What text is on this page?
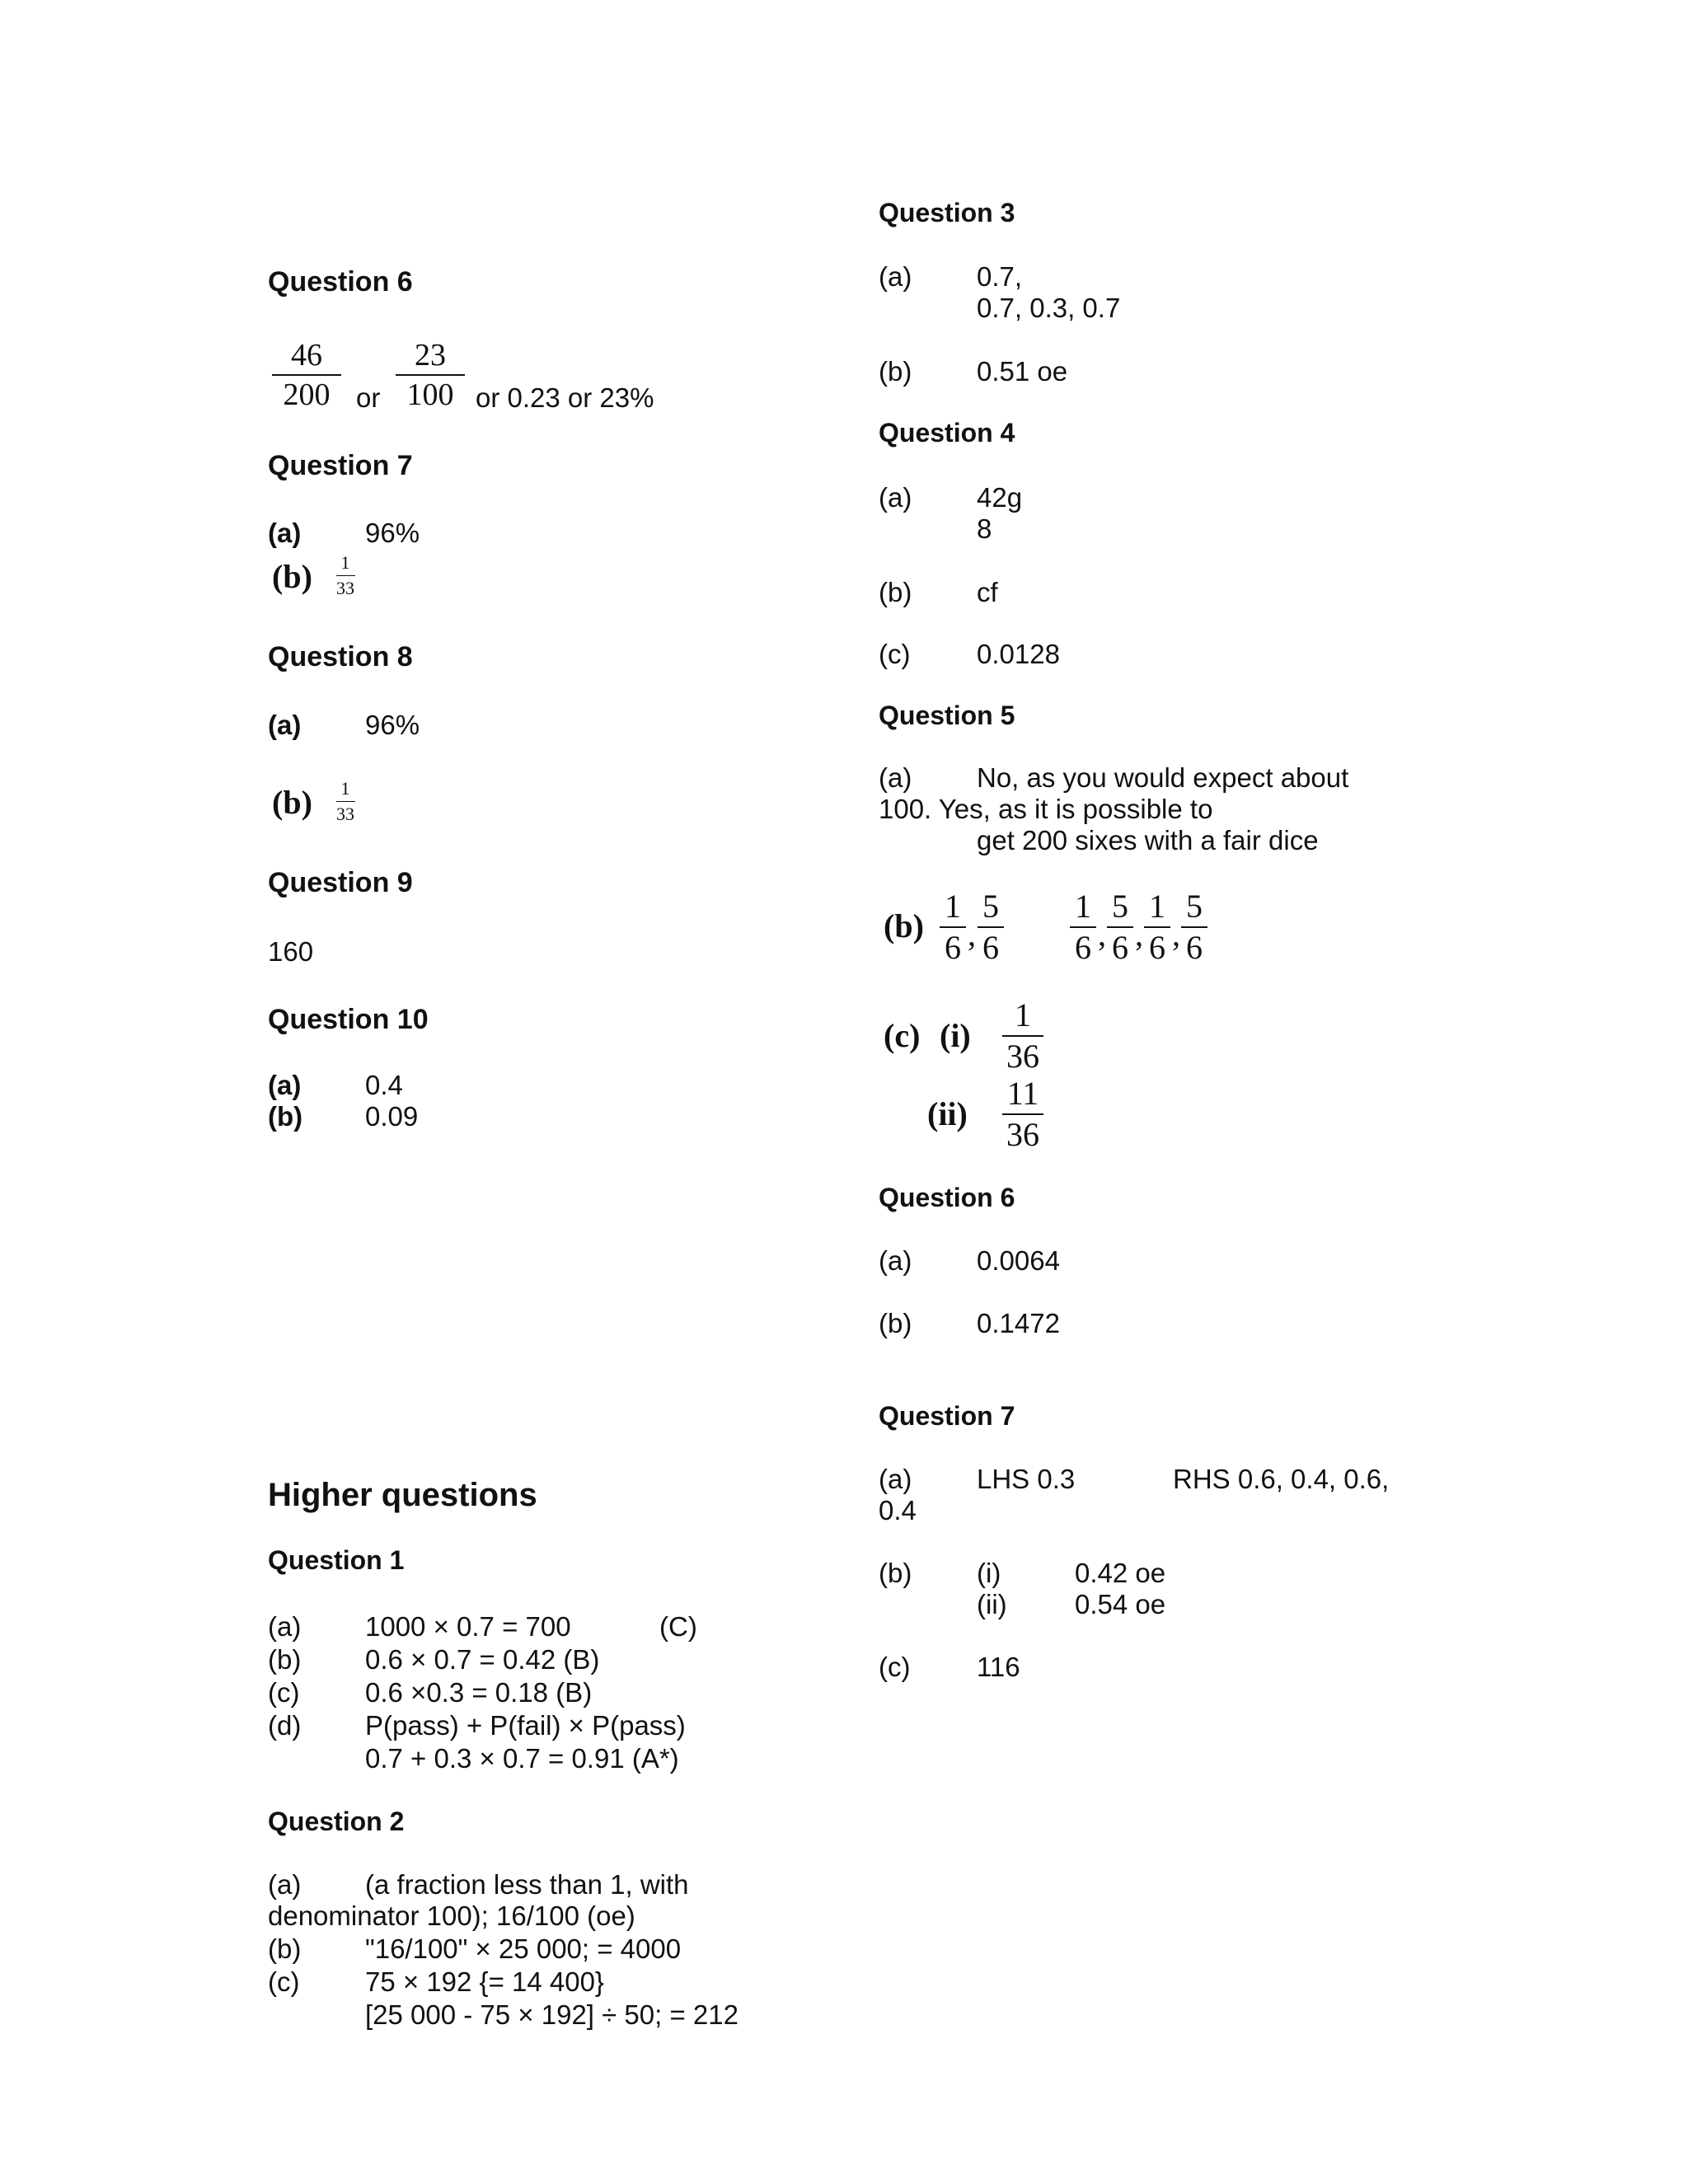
Question 6
$\frac{46}{200}$ or $\frac{23}{100}$ or 0.23 or 23%
Question 7
(a) 96%
$(b) \frac{1}{33}$
Question 8
(a) 96%
$(b) \frac{1}{33}$
Question 9
160
Question 10
(a) 0.4
(b) 0.09
Higher questions
Question 1
(a) 1000 × 0.7 = 700	(C)
(b) 0.6 × 0.7 = 0.42 (B)
(c) 0.6 ×0.3 = 0.18 (B)
(d) P(pass) + P(fail) × P(pass)
0.7 + 0.3 × 0.7 = 0.91 (A*)
Question 2
(a) (a fraction less than 1, with
denominator 100); 16/100 (oe)
(b) "16/100" × 25 000; = 4000
(c) 75 × 192 {= 14 400}
[25 000 - 75 × 192] ÷ 50; = 212
Question 3
(a) 0.7,
0.7, 0.3, 0.7
(b) 0.51 oe
Question 4
(a) 42g
8
(b) cf
(c) 0.0128
Question 5
(a) No, as you would expect about
100. Yes, as it is possible to
get 200 sixes with a fair dice
$(b) \frac{1}{6}$ , $\frac{5}{6} \frac{1}{6}$ , $\frac{5}{6}$ , $\frac{1}{6}$ , $\frac{5}{6}$
(c) $(i) \frac{1}{36}$
$(ii) \frac{11}{36}$
Question 6
(a) 0.0064
(b) 0.1472
Question 7
(a) LHS 0.3	RHS 0.6, 0.4, 0.6,
0.4
(b) (i)	0.42 oe
(ii) 0.54 oe
(c) 116
